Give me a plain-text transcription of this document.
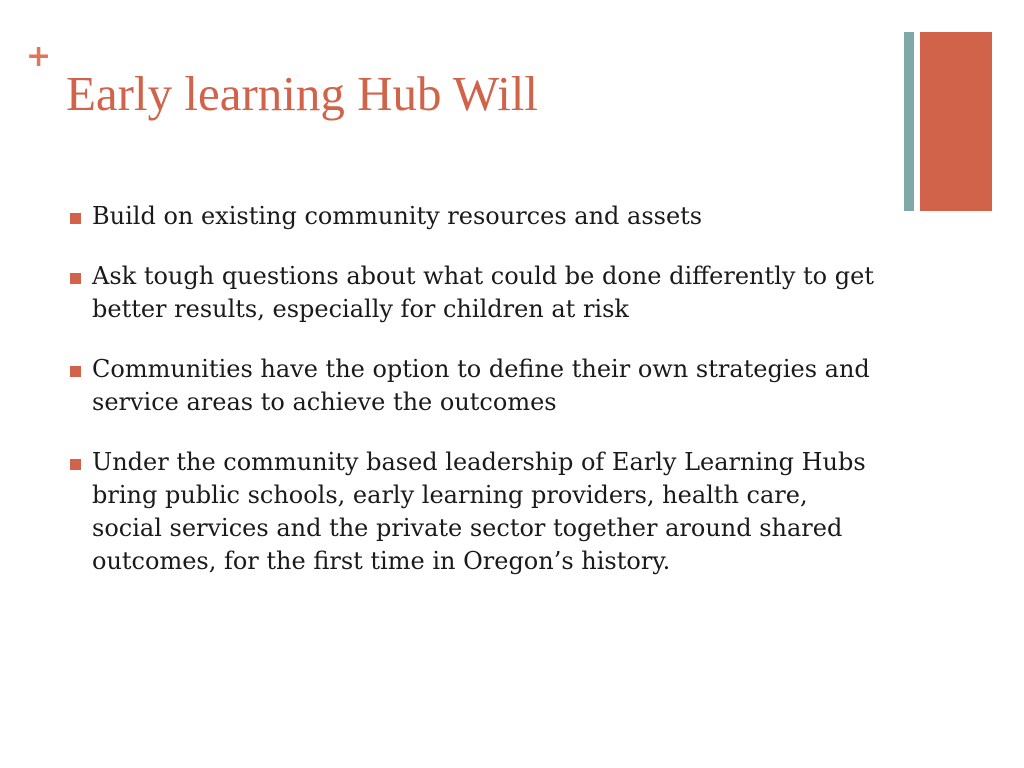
+
Early learning Hub Will
Build on existing community resources and assets
Ask tough questions about what could be done differently to get better results, especially for children at risk
Communities have the option to define their own strategies and service areas to achieve the outcomes
Under the community based leadership of Early Learning Hubs bring public schools, early learning providers, health care, social services and the private sector together around shared outcomes, for the first time in Oregon’s history.
